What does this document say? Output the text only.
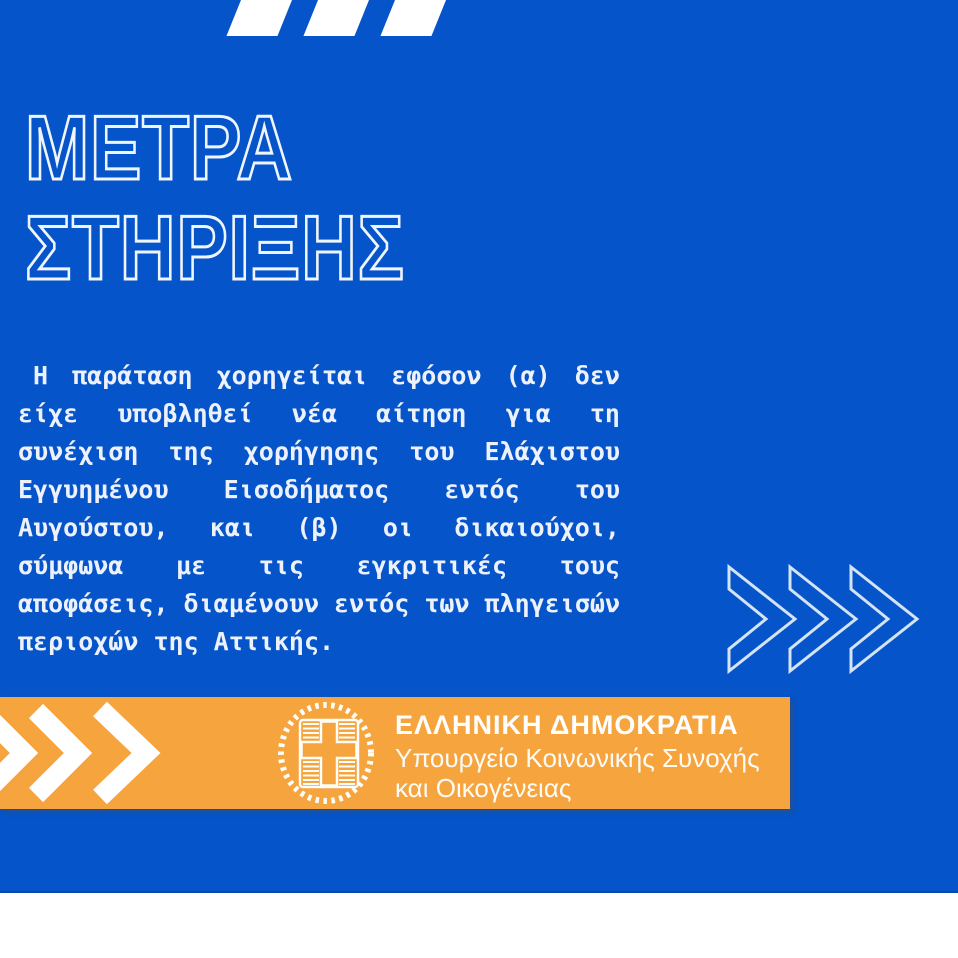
ΜΕΤΡΑ
ΣΤΗΡΙΞΗΣ
Η παράταση χορηγείται εφόσον (α) δεν
είχε υποβληθεί νέα αίτηση για τη
συνέχιση της χορήγησης του Ελάχιστου
Εγγυημένου Εισοδήματος εντός του
Αυγούστου, και (β) οι δικαιούχοι,
σύμφωνα με τις εγκριτικές τους
αποφάσεις, διαμένουν εντός των πληγεισών
περιοχών της Αττικής.
ΕΛΛΗΝΙΚΗ ΔΗΜΟΚΡΑΤΙΑ
Υπουργείο Κοινωνικής Συνοχής
και Οικογένειας
